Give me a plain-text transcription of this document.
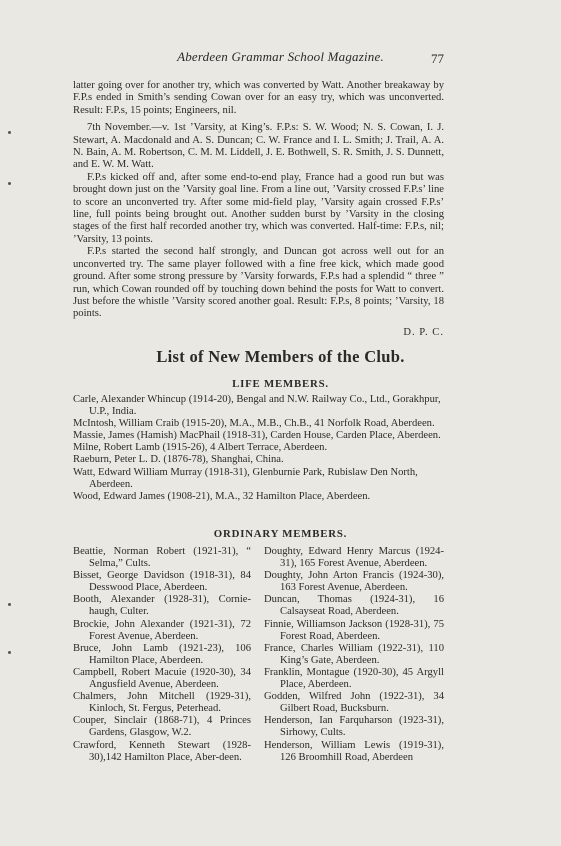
Aberdeen Grammar School Magazine.	77

latter going over for another try, which was converted by Watt. Another breakaway by F.P.s ended in Smith’s sending Cowan over for an easy try, which was unconverted. Result: F.P.s, 15 points; Engineers, nil.

7th November.—v. 1st ’Varsity, at King’s. F.P.s: S. W. Wood; N. S. Cowan, I. J. Stewart, A. Macdonald and A. S. Duncan; C. W. France and I. L. Smith; J. Trail, A. A. N. Bain, A. M. Robertson, C. M. M. Liddell, J. E. Bothwell, S. R. Smith, J. S. Dunnett, and E. W. M. Watt.

F.P.s kicked off and, after some end-to-end play, France had a good run but was brought down just on the ’Varsity goal line. From a line out, ’Varsity crossed F.P.s’ line to score an unconverted try. After some mid-field play, ’Varsity again crossed F.P.s’ line, full points being brought out. Another sudden burst by ’Varsity in the closing stages of the first half recorded another try, which was converted. Half-time: F.P.s, nil; ’Varsity, 13 points.

F.P.s started the second half strongly, and Duncan got across well out for an unconverted try. The same player followed with a fine free kick, which made good ground. After some strong pressure by ’Varsity forwards, F.P.s had a splendid “ three ” run, which Cowan rounded off by touching down behind the posts for Watt to convert. Just before the whistle ’Varsity scored another goal. Result: F.P.s, 8 points; ’Varsity, 18 points.

D. P. C.

List of New Members of the Club.
LIFE MEMBERS.

Carle, Alexander Whincup (1914-20), Bengal and N.W. Railway Co., Ltd., Gorakhpur, U.P., India.

McIntosh, William Craib (1915-20), M.A., M.B., Ch.B., 41 Norfolk Road, Aberdeen.

Massie, James (Hamish) MacPhail (1918-31), Carden House, Carden Place, Aberdeen.

Milne, Robert Lamb (1915-26), 4 Albert Terrace, Aberdeen.

Raeburn, Peter L. D. (1876-78), Shanghai, China.

Watt, Edward William Murray (1918-31), Glenburnie Park, Rubislaw Den North, Aberdeen.

Wood, Edward James (1908-21), M.A., 32 Hamilton Place, Aberdeen.

ORDINARY MEMBERS.

Beattie, Norman Robert (1921-31), “ Selma,” Cults.

Bisset, George Davidson (1918-31), 84 Desswood Place, Aberdeen.

Booth, Alexander (1928-31), Cornie-haugh, Culter.

Brockie, John Alexander (1921-31), 72 Forest Avenue, Aberdeen.

Bruce, John Lamb (1921-23), 106 Hamilton Place, Aberdeen.

Campbell, Robert Macuie (1920-30), 34 Angusfield Avenue, Aberdeen.

Chalmers, John Mitchell (1929-31), Kinloch, St. Fergus, Peterhead.

Couper, Sinclair (1868-71), 4 Princes Gardens, Glasgow, W.2.

Crawford, Kenneth Stewart (1928-30),142 Hamilton Place, Aber-deen.

Doughty, Edward Henry Marcus (1924-31), 165 Forest Avenue, Aberdeen.

Doughty, John Arton Francis (1924-30), 163 Forest Avenue, Aberdeen.

Duncan, Thomas (1924-31), 16 Calsayseat Road, Aberdeen.

Finnie, Williamson Jackson (1928-31), 75 Forest Road, Aberdeen.

France, Charles William (1922-31), 110 King’s Gate, Aberdeen.

Franklin, Montague (1920-30), 45 Argyll Place, Aberdeen.

Godden, Wilfred John (1922-31), 34 Gilbert Road, Bucksburn.

Henderson, Ian Farquharson (1923-31), Sirhowy, Cults.

Henderson, William Lewis (1919-31), 126 Broomhill Road, Aberdeen
